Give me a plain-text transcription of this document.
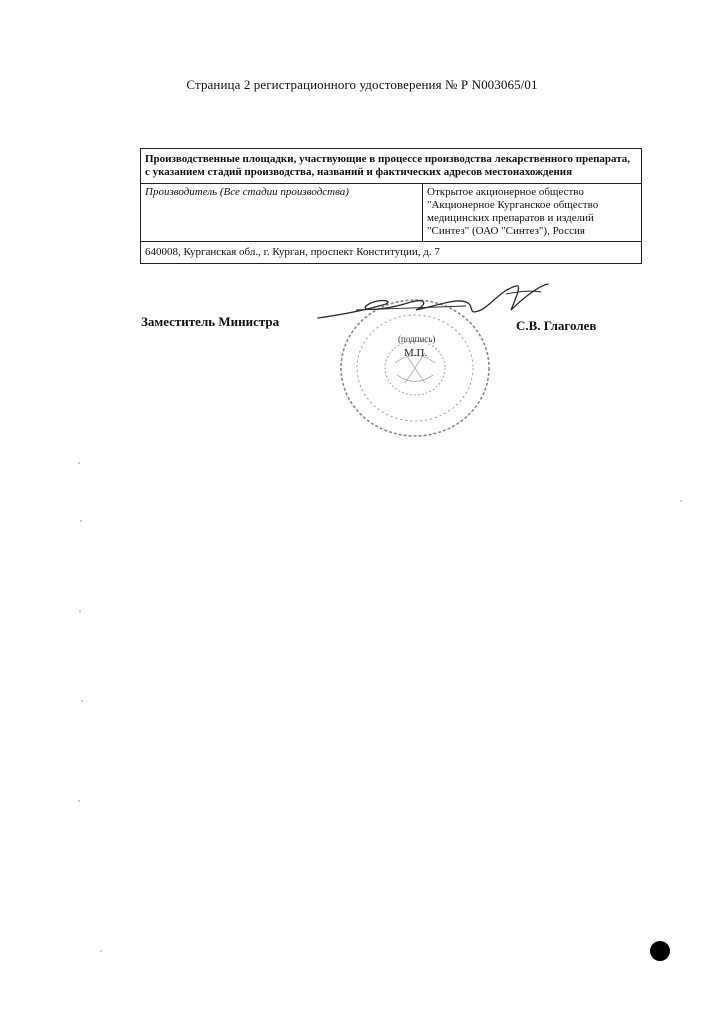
Страница 2 регистрационного удостоверения № Р N003065/01
Производственные площадки, участвующие в процессе производства лекарственного препарата, с указанием стадий производства, названий и фактических адресов местонахождения
Производитель (Все стадии производства)	Открытое акционерное общество
"Акционерное Курганское общество медицинских препаратов и изделий "Синтез" (ОАО "Синтез"), Россия
640008, Курганская обл., г. Курган, проспект Конституции, д. 7
Заместитель Министра
(подпись)
М.П.
С.В. Глаголев
